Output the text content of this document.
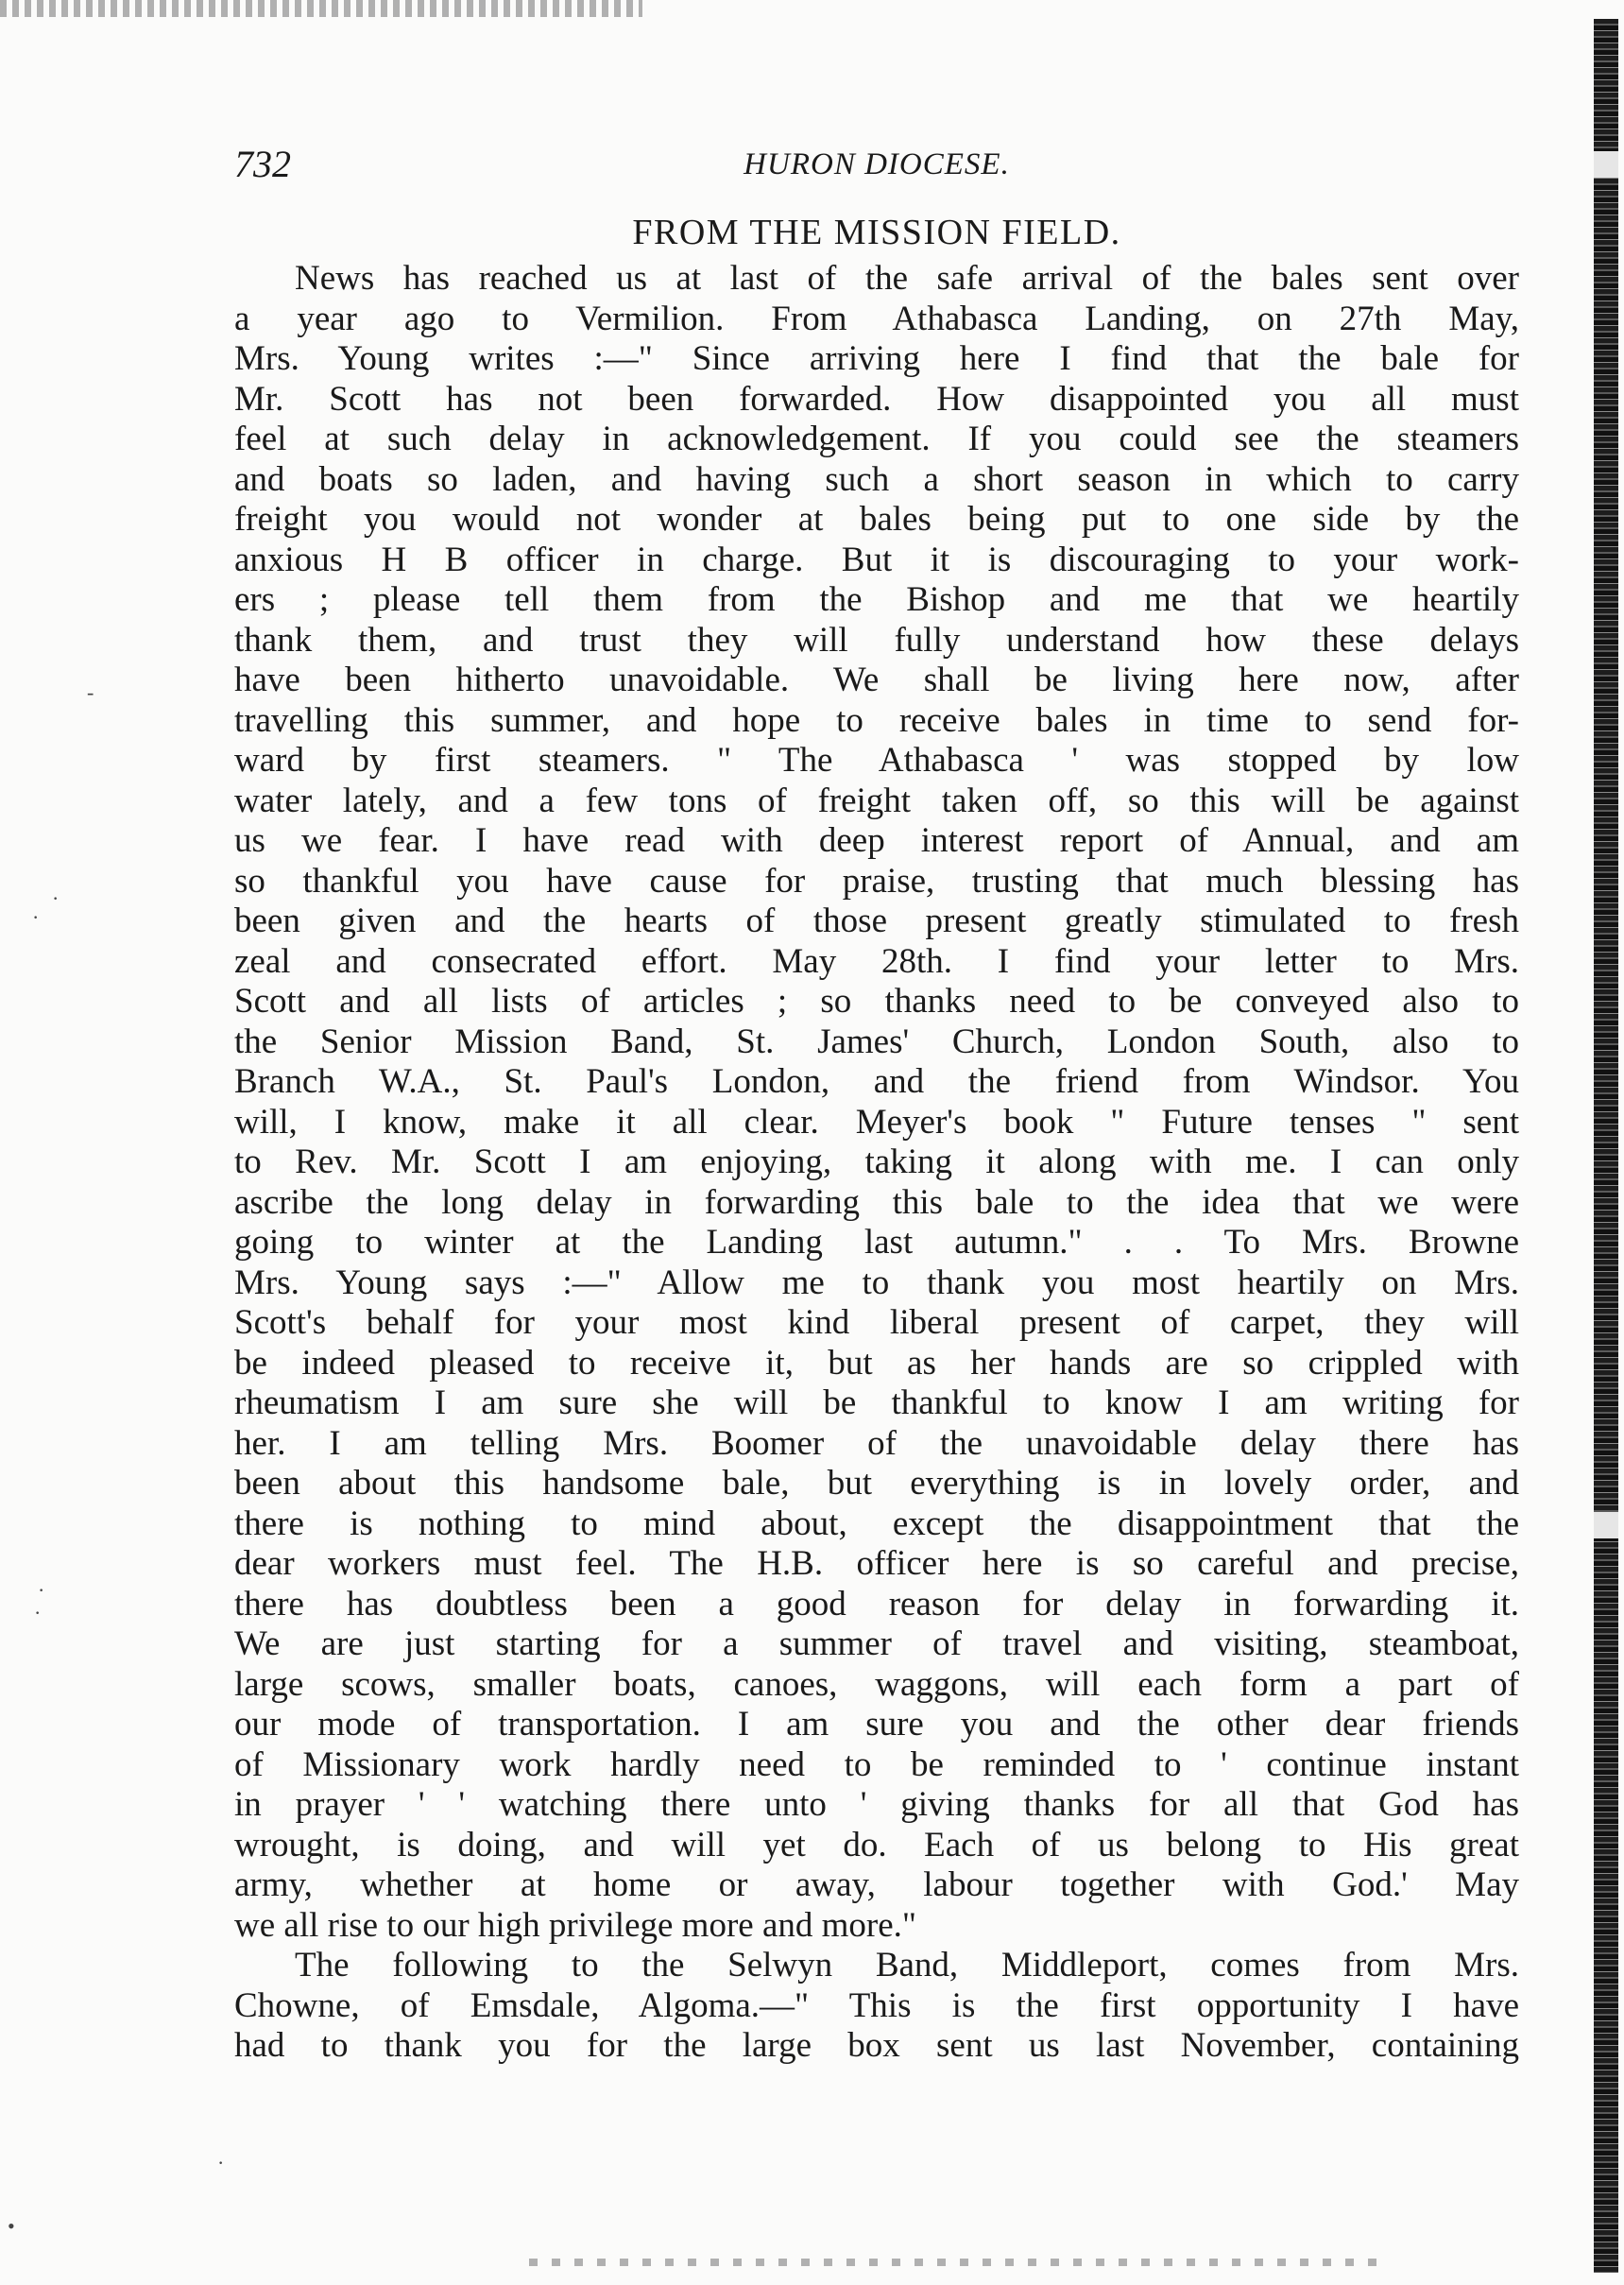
732	HURON DIOCESE.
FROM THE MISSION FIELD.
News has reached us at last of the safe arrival of the bales sent over
a year ago to Vermilion. From Athabasca Landing, on 27th May,
Mrs. Young writes :—" Since arriving here I find that the bale for
Mr. Scott has not been forwarded. How disappointed you all must
feel at such delay in acknowledgement. If you could see the steamers
and boats so laden, and having such a short season in which to carry
freight you would not wonder at bales being put to one side by the
anxious H B officer in charge. But it is discouraging to your work-
ers ; please tell them from the Bishop and me that we heartily
thank them, and trust they will fully understand how these delays
have been hitherto unavoidable. We shall be living here now, after
travelling this summer, and hope to receive bales in time to send for-
ward by first steamers. " The Athabasca ' was stopped by low
water lately, and a few tons of freight taken off, so this will be against
us we fear. I have read with deep interest report of Annual, and am
so thankful you have cause for praise, trusting that much blessing has
been given and the hearts of those present greatly stimulated to fresh
zeal and consecrated effort. May 28th. I find your letter to Mrs.
Scott and all lists of articles ; so thanks need to be conveyed also to
the Senior Mission Band, St. James' Church, London South, also to
Branch W.A., St. Paul's London, and the friend from Windsor. You
will, I know, make it all clear. Meyer's book " Future tenses " sent
to Rev. Mr. Scott I am enjoying, taking it along with me. I can only
ascribe the long delay in forwarding this bale to the idea that we were
going to winter at the Landing last autumn." . . To Mrs. Browne
Mrs. Young says :—" Allow me to thank you most heartily on Mrs.
Scott's behalf for your most kind liberal present of carpet, they will
be indeed pleased to receive it, but as her hands are so crippled with
rheumatism I am sure she will be thankful to know I am writing for
her. I am telling Mrs. Boomer of the unavoidable delay there has
been about this handsome bale, but everything is in lovely order, and
there is nothing to mind about, except the disappointment that the
dear workers must feel. The H.B. officer here is so careful and precise,
there has doubtless been a good reason for delay in forwarding it.
We are just starting for a summer of travel and visiting, steamboat,
large scows, smaller boats, canoes, waggons, will each form a part of
our mode of transportation. I am sure you and the other dear friends
of Missionary work hardly need to be reminded to ' continue instant
in prayer ' ' watching there unto ' giving thanks for all that God has
wrought, is doing, and will yet do. Each of us belong to His great
army, whether at home or away, labour together with God.' May
we all rise to our high privilege more and more."
The following to the Selwyn Band, Middleport, comes from Mrs.
Chowne, of Emsdale, Algoma.—" This is the first opportunity I have
had to thank you for the large box sent us last November, containing
-
·
·
·
·
·
•
